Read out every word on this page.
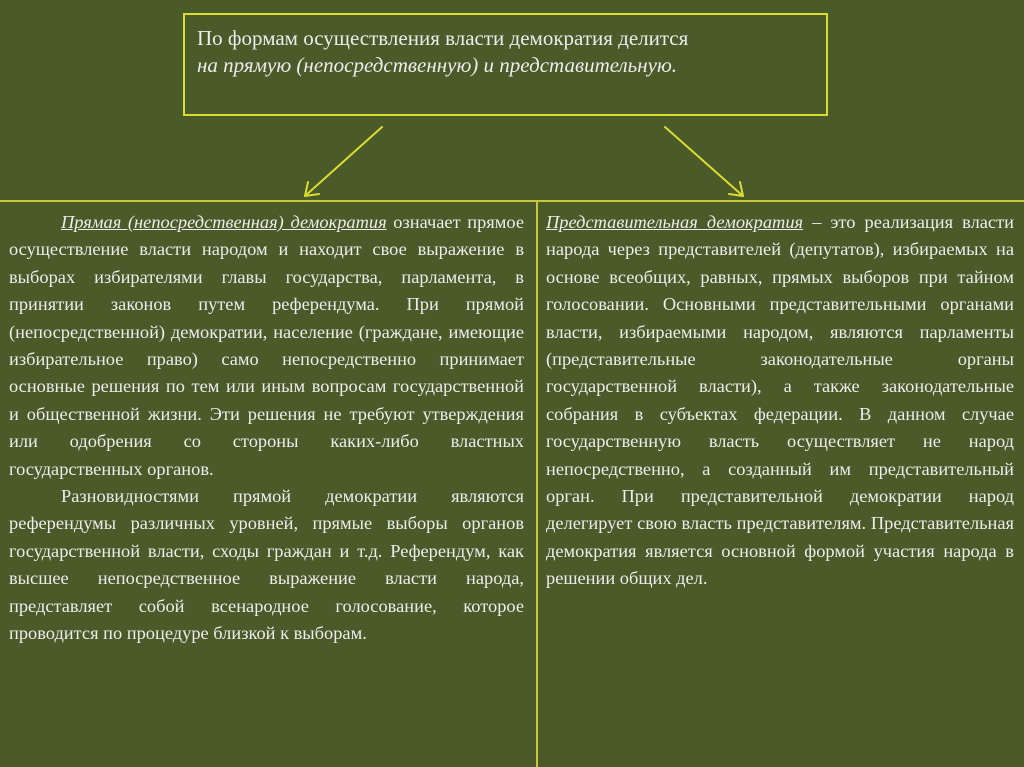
По формам осуществления власти демократия делится
на прямую (непосредственную) и представительную.

Прямая (непосредственная) демократия означает прямое осуществление власти народом и находит свое выражение в выборах избирателями главы государства, парламента, в принятии законов путем референдума. При прямой (непосредственной) демократии, население (граждане, имеющие избирательное право) само непосредственно принимает основные решения по тем или иным вопросам государственной и общественной жизни. Эти решения не требуют утверждения или одобрения со стороны каких-либо властных государственных органов.

Разновидностями прямой демократии являются референдумы различных уровней, прямые выборы органов государственной власти, сходы граждан и т.д. Референдум, как высшее непосредственное выражение власти народа, представляет собой всенародное голосование, которое проводится по процедуре близкой к выборам.

Представительная демократия – это реализация власти народа через представителей (депутатов), избираемых на основе всеобщих, равных, прямых выборов при тайном голосовании. Основными представительными органами власти, избираемыми народом, являются парламенты (представительные законодательные органы государственной власти), а также законодательные собрания в субъектах федерации. В данном случае государственную власть осуществляет не народ непосредственно, а созданный им представительный орган. При представительной демократии народ делегирует свою власть представителям. Представительная демократия является основной формой участия народа в решении общих дел.
